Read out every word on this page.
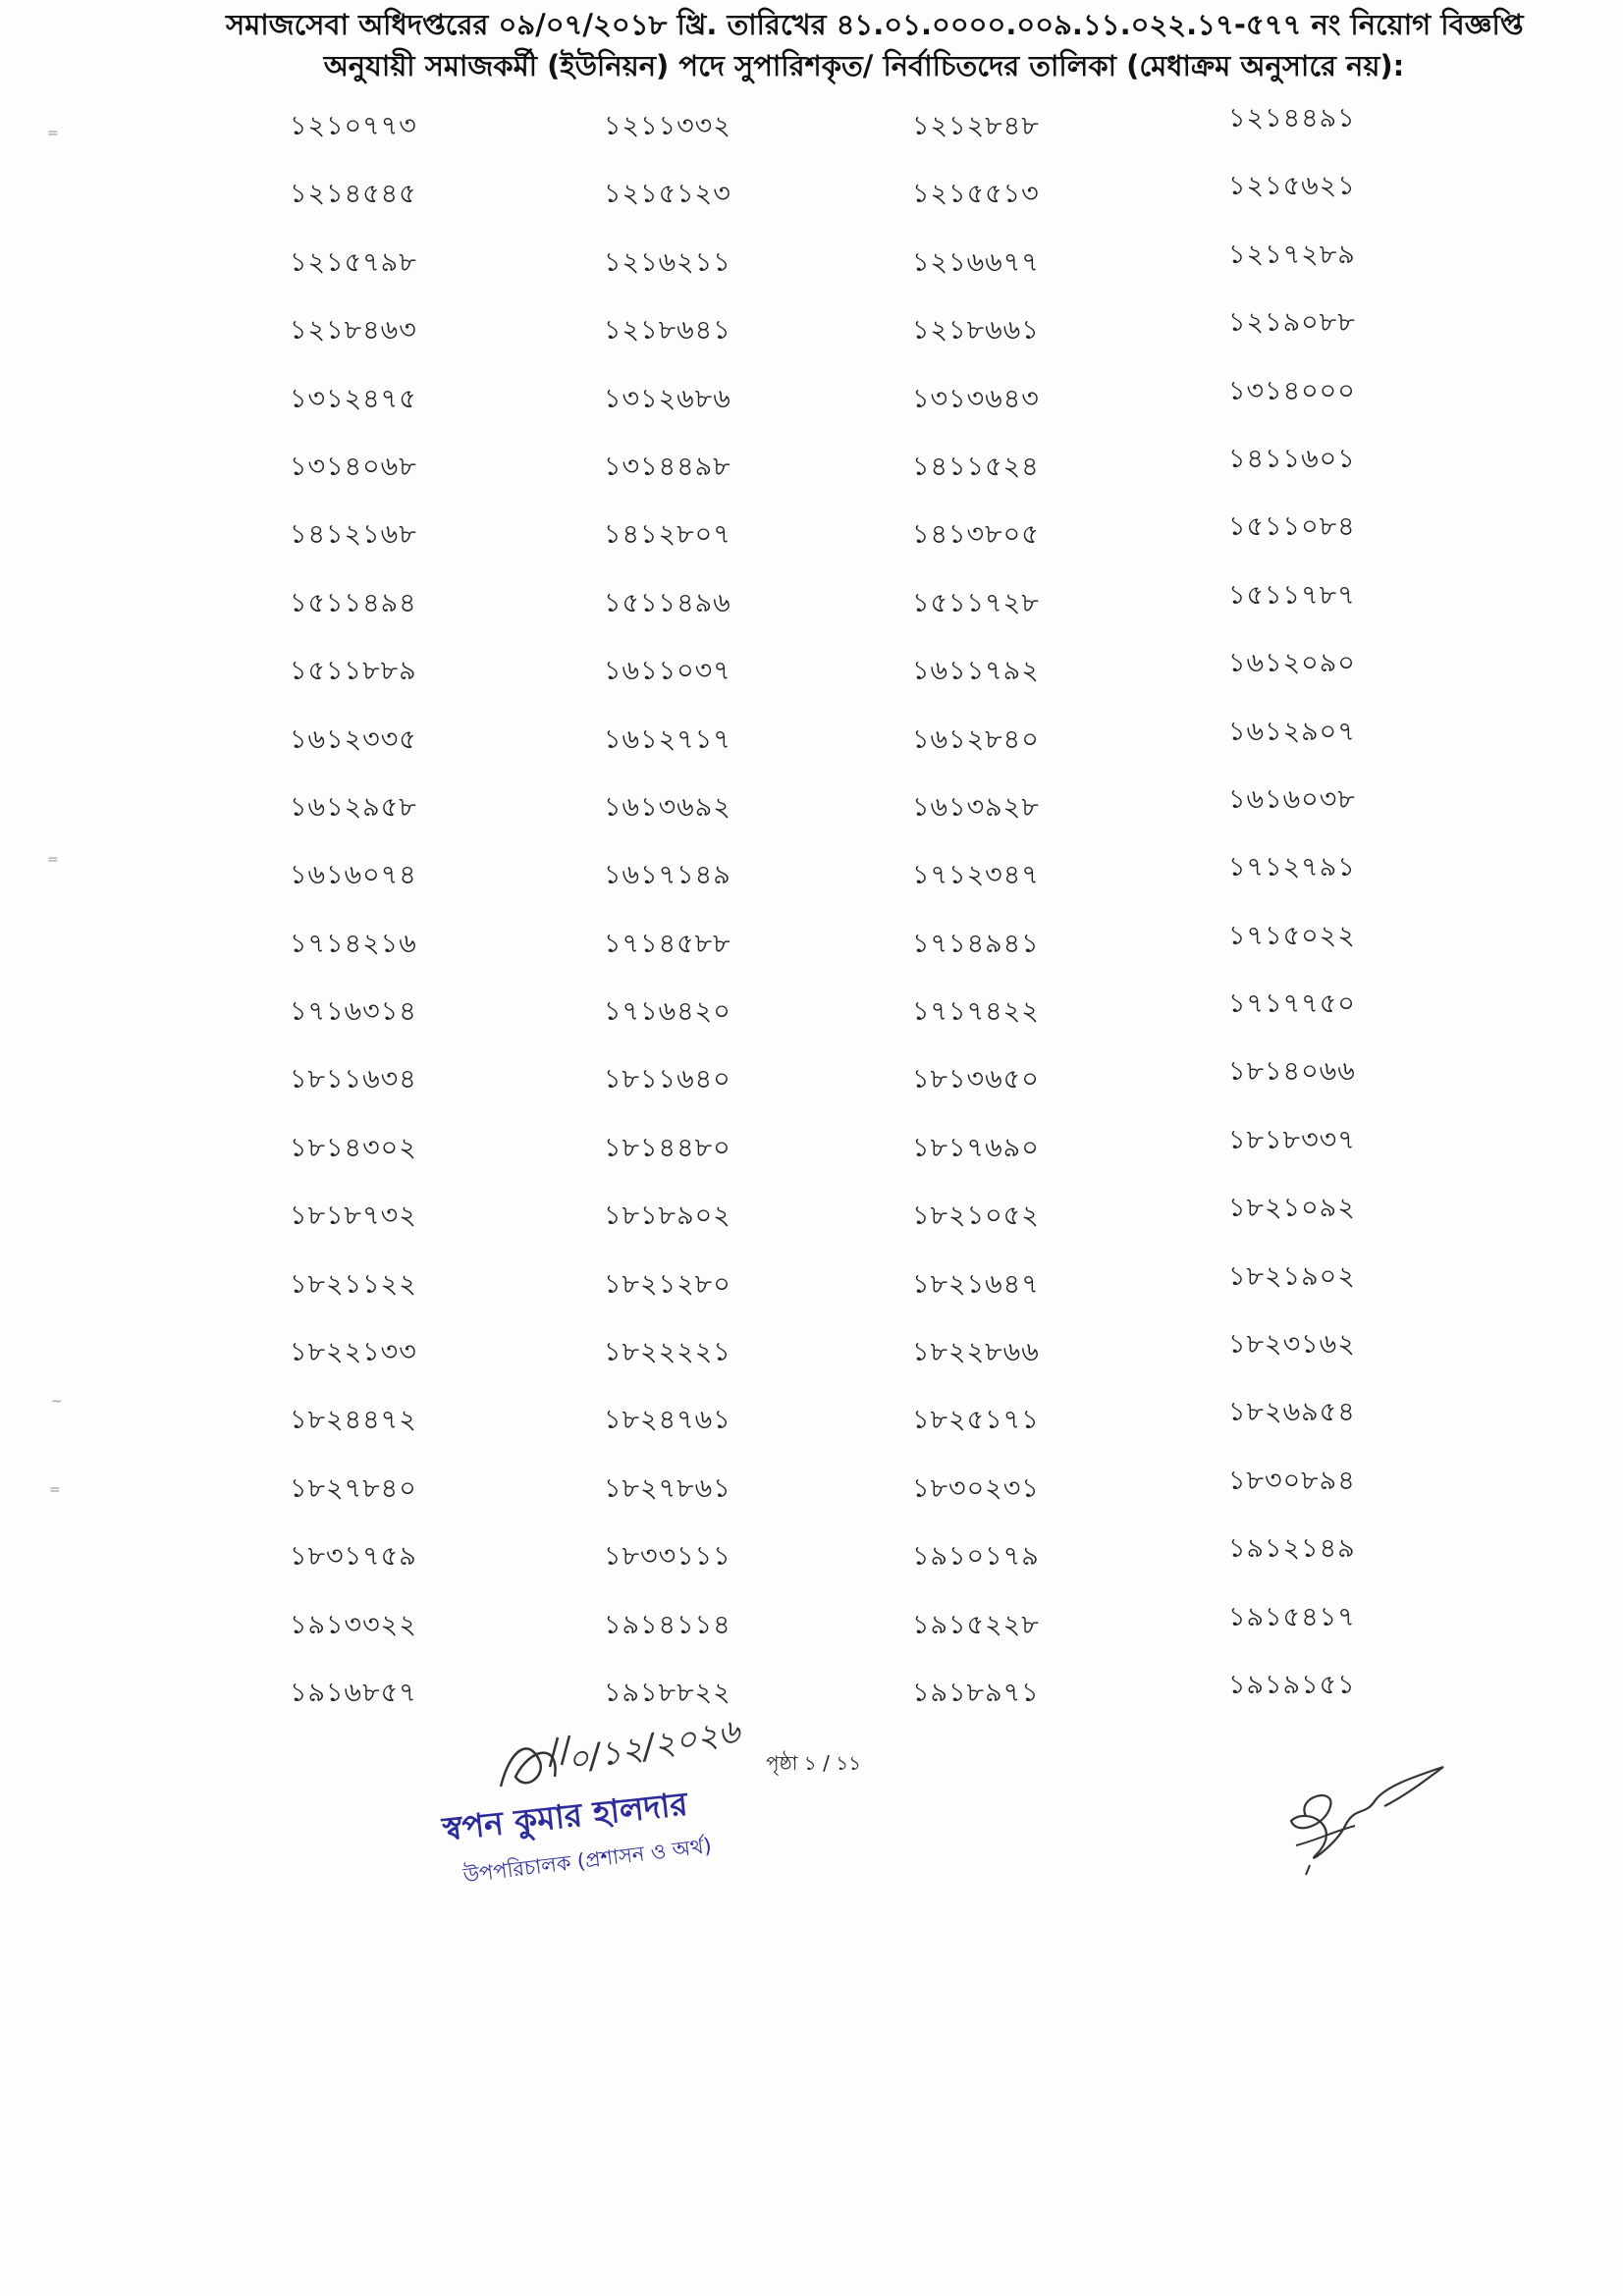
সমাজসেবা অধিদপ্তরের ০৯/০৭/২০১৮ খ্রি. তারিখের ৪১.০১.০০০০.০০৯.১১.০২২.১৭-৫৭৭ নং নিয়োগ বিজ্ঞপ্তি
অনুযায়ী সমাজকর্মী (ইউনিয়ন) পদে সুপারিশকৃত/ নির্বাচিতদের তালিকা (মেধাক্রম অনুসারে নয়):
১২১০৭৭৩	১২১১৩৩২	১২১২৮৪৮	১২১৪৪৯১
১২১৪৫৪৫	১২১৫১২৩	১২১৫৫১৩	১২১৫৬২১
১২১৫৭৯৮	১২১৬২১১	১২১৬৬৭৭	১২১৭২৮৯
১২১৮৪৬৩	১২১৮৬৪১	১২১৮৬৬১	১২১৯০৮৮
১৩১২৪৭৫	১৩১২৬৮৬	১৩১৩৬৪৩	১৩১৪০০০
১৩১৪০৬৮	১৩১৪৪৯৮	১৪১১৫২৪	১৪১১৬০১
১৪১২১৬৮	১৪১২৮০৭	১৪১৩৮০৫	১৫১১০৮৪
১৫১১৪৯৪	১৫১১৪৯৬	১৫১১৭২৮	১৫১১৭৮৭
১৫১১৮৮৯	১৬১১০৩৭	১৬১১৭৯২	১৬১২০৯০
১৬১২৩৩৫	১৬১২৭১৭	১৬১২৮৪০	১৬১২৯০৭
১৬১২৯৫৮	১৬১৩৬৯২	১৬১৩৯২৮	১৬১৬০৩৮
১৬১৬০৭৪	১৬১৭১৪৯	১৭১২৩৪৭	১৭১২৭৯১
১৭১৪২১৬	১৭১৪৫৮৮	১৭১৪৯৪১	১৭১৫০২২
১৭১৬৩১৪	১৭১৬৪২০	১৭১৭৪২২	১৭১৭৭৫০
১৮১১৬৩৪	১৮১১৬৪০	১৮১৩৬৫০	১৮১৪০৬৬
১৮১৪৩০২	১৮১৪৪৮০	১৮১৭৬৯০	১৮১৮৩৩৭
১৮১৮৭৩২	১৮১৮৯০২	১৮২১০৫২	১৮২১০৯২
১৮২১১২২	১৮২১২৮০	১৮২১৬৪৭	১৮২১৯০২
১৮২২১৩৩	১৮২২২২১	১৮২২৮৬৬	১৮২৩১৬২
১৮২৪৪৭২	১৮২৪৭৬১	১৮২৫১৭১	১৮২৬৯৫৪
১৮২৭৮৪০	১৮২৭৮৬১	১৮৩০২৩১	১৮৩০৮৯৪
১৮৩১৭৫৯	১৮৩৩১১১	১৯১০১৭৯	১৯১২১৪৯
১৯১৩৩২২	১৯১৪১১৪	১৯১৫২২৮	১৯১৫৪১৭
১৯১৬৮৫৭	১৯১৮৮২২	১৯১৮৯৭১	১৯১৯১৫১
=
=
~
=
০/১২/২০২৬
স্বপন কুমার হালদার
উপপরিচালক (প্রশাসন ও অর্থ)
পৃষ্ঠা ১ / ১১
